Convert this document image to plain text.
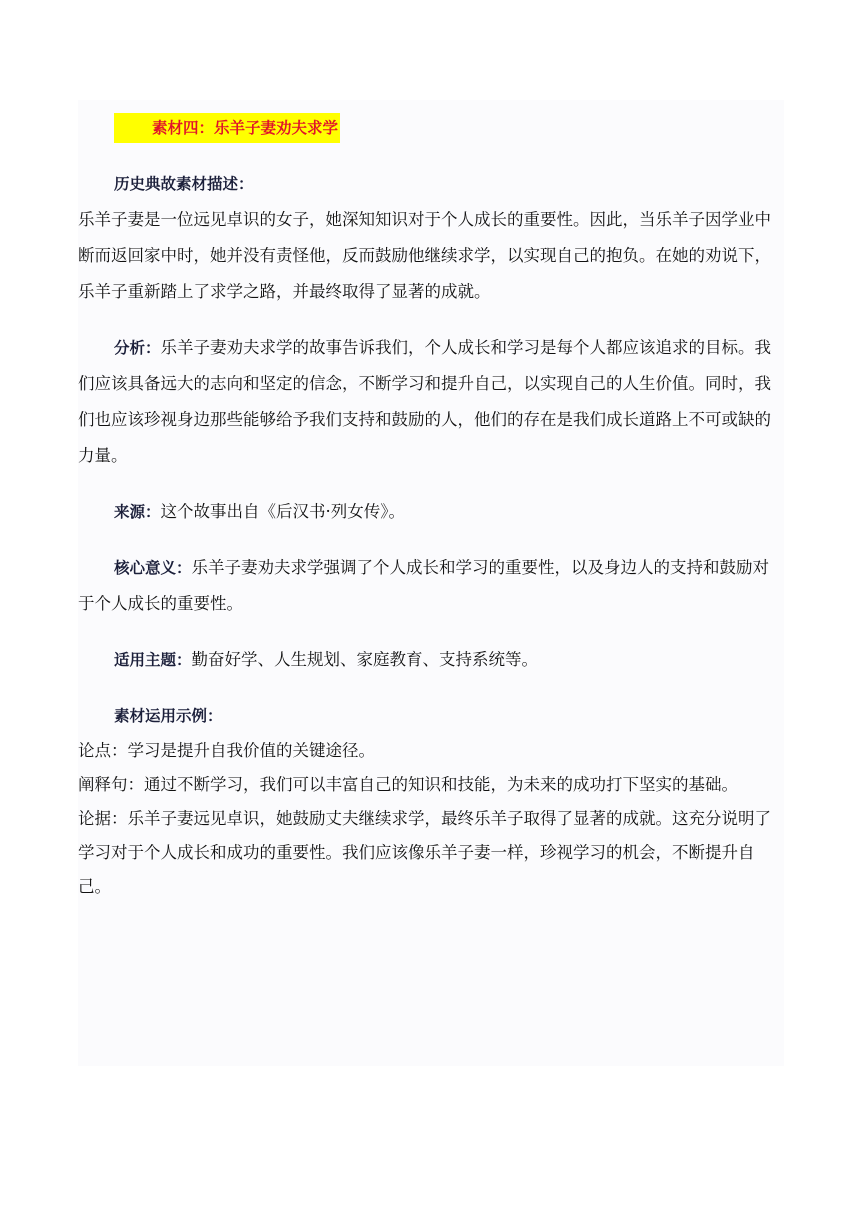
素材四：乐羊子妻劝夫求学

历史典故素材描述：

乐羊子妻是一位远见卓识的女子，她深知知识对于个人成长的重要性。因此，当乐羊子因学业中断而返回家中时，她并没有责怪他，反而鼓励他继续求学，以实现自己的抱负。在她的劝说下，乐羊子重新踏上了求学之路，并最终取得了显著的成就。

分析：乐羊子妻劝夫求学的故事告诉我们，个人成长和学习是每个人都应该追求的目标。我们应该具备远大的志向和坚定的信念，不断学习和提升自己，以实现自己的人生价值。同时，我们也应该珍视身边那些能够给予我们支持和鼓励的人，他们的存在是我们成长道路上不可或缺的力量。

来源：这个故事出自《后汉书·列女传》。

核心意义：乐羊子妻劝夫求学强调了个人成长和学习的重要性，以及身边人的支持和鼓励对于个人成长的重要性。

适用主题：勤奋好学、人生规划、家庭教育、支持系统等。

素材运用示例：

论点：学习是提升自我价值的关键途径。

阐释句：通过不断学习，我们可以丰富自己的知识和技能，为未来的成功打下坚实的基础。

论据：乐羊子妻远见卓识，她鼓励丈夫继续求学，最终乐羊子取得了显著的成就。这充分说明了学习对于个人成长和成功的重要性。我们应该像乐羊子妻一样，珍视学习的机会，不断提升自己。
